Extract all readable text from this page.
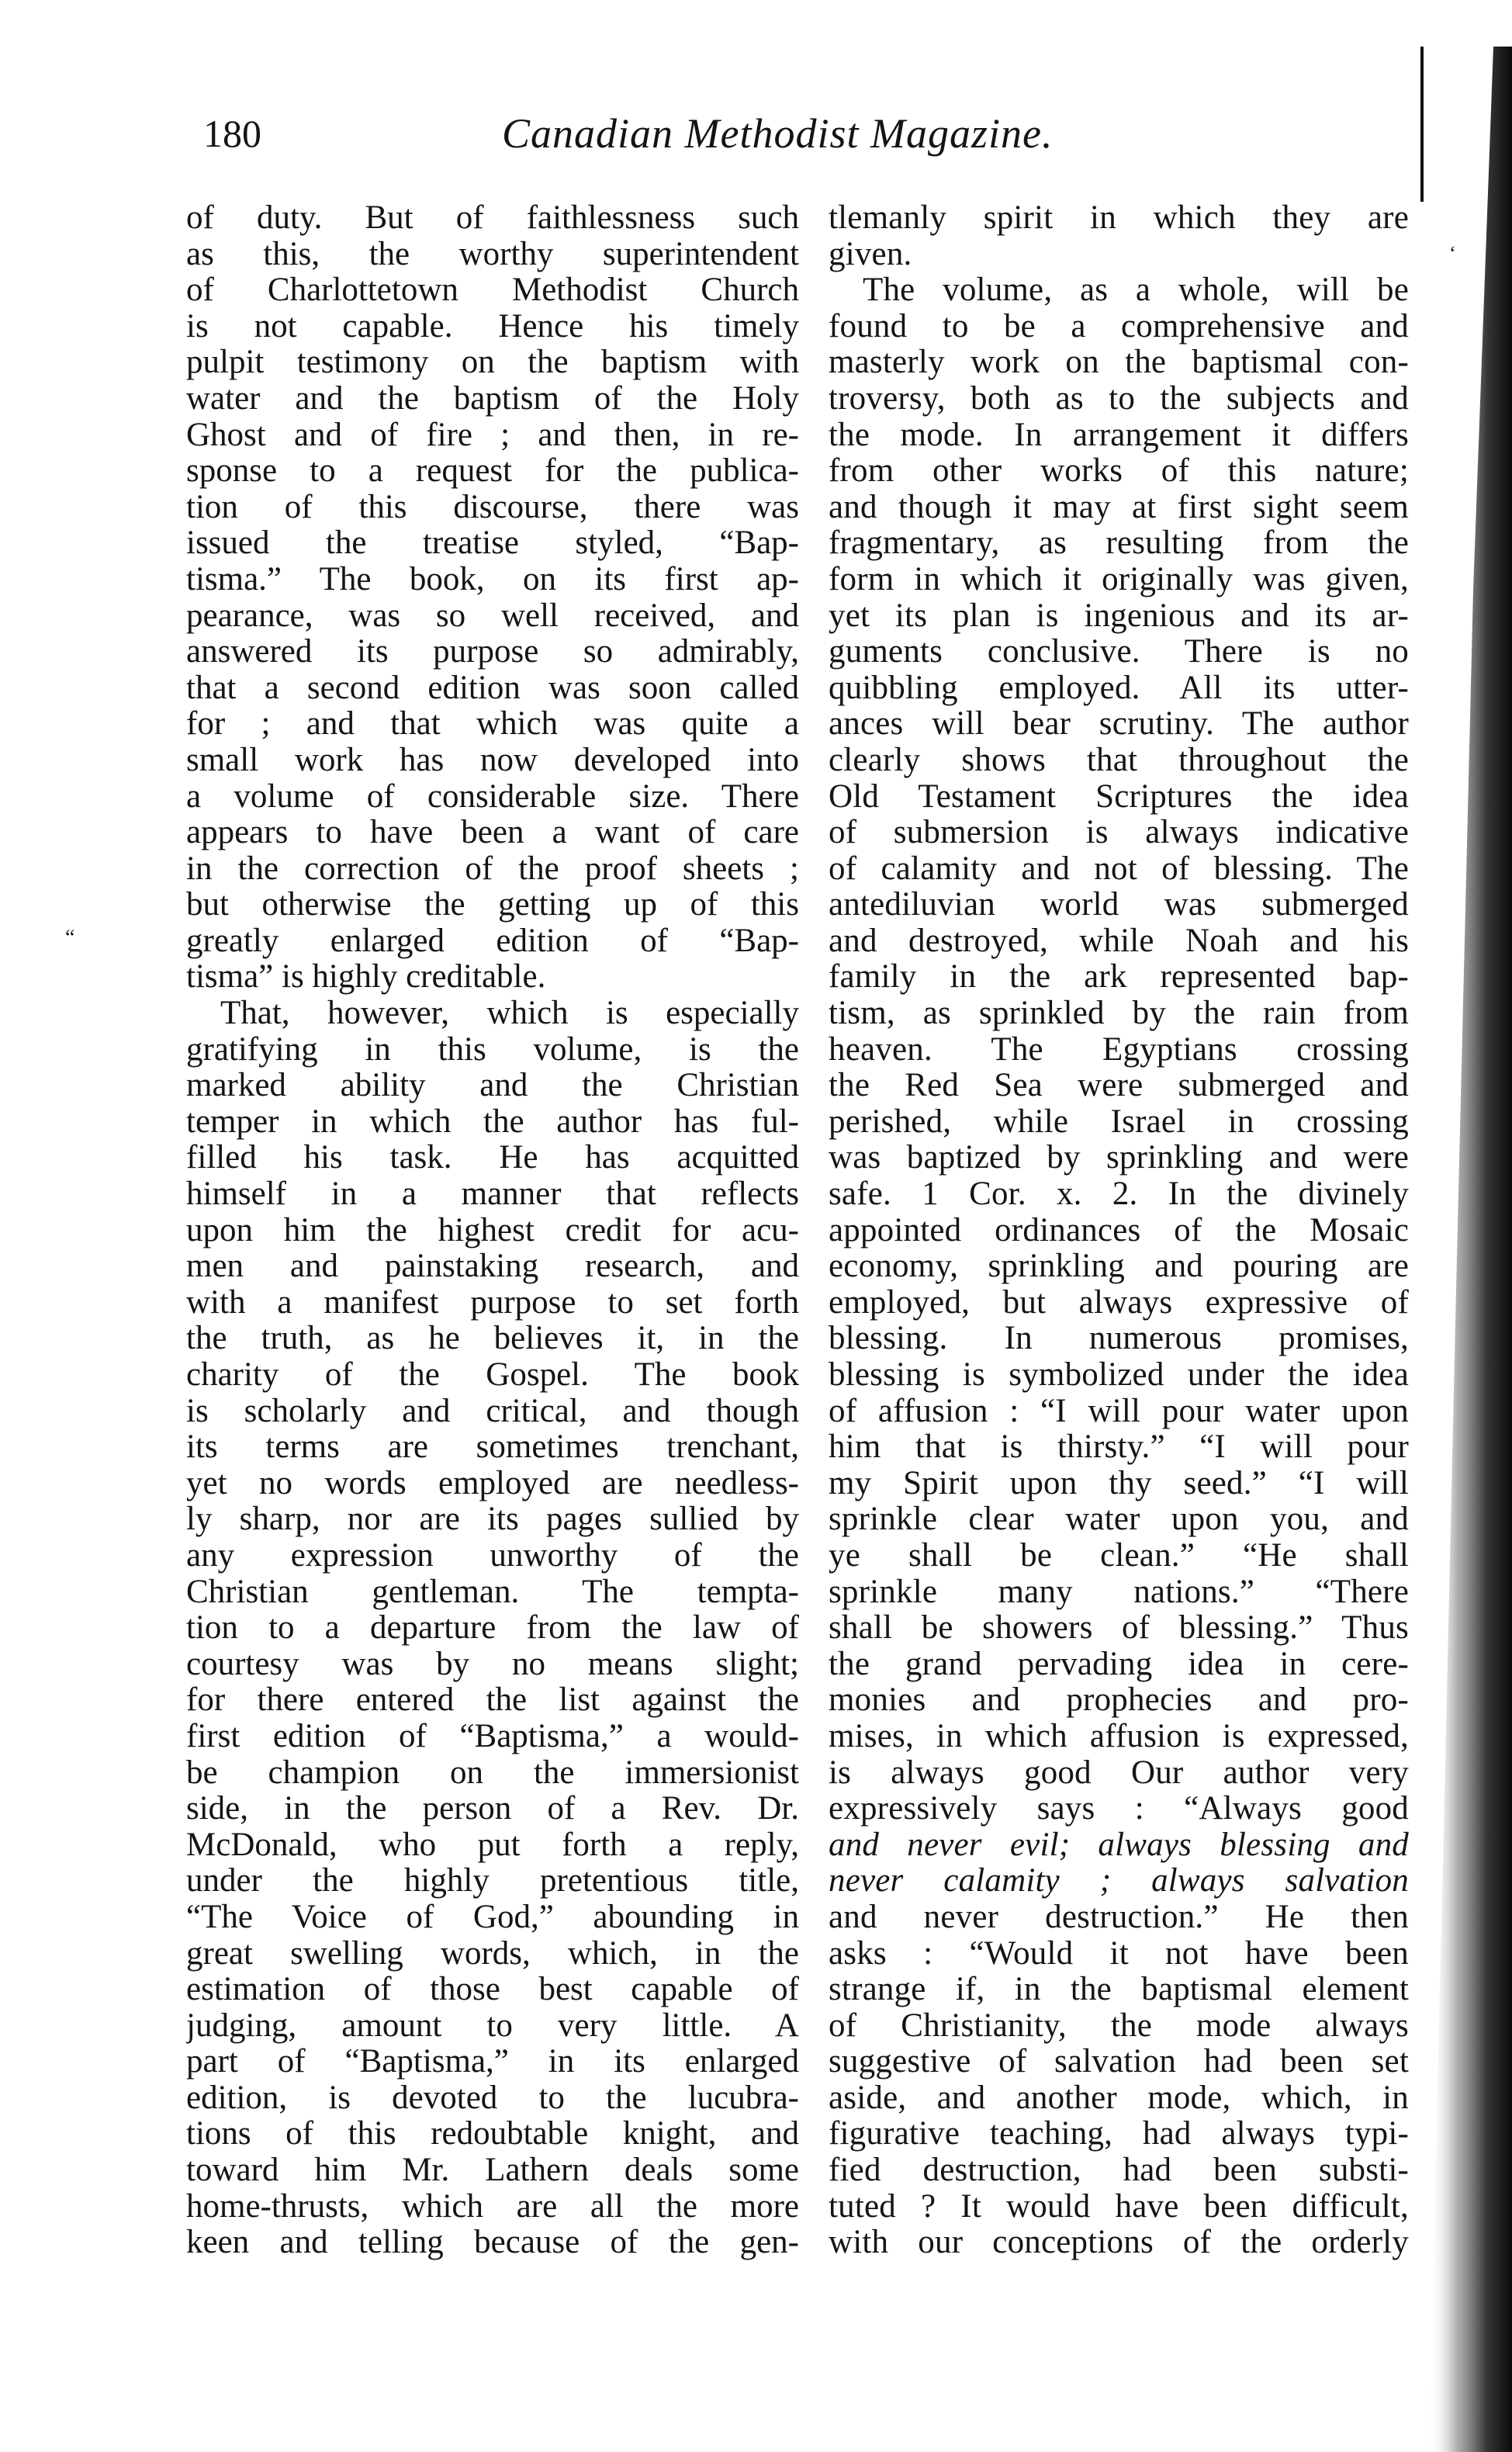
180	Canadian Methodist Magazine.
of duty. But of faithlessness such
as this, the worthy superintendent
of Charlottetown Methodist Church
is not capable. Hence his timely
pulpit testimony on the baptism with
water and the baptism of the Holy
Ghost and of fire ; and then, in re-
sponse to a request for the publica-
tion of this discourse, there was
issued the treatise styled, “Bap-
tisma.” The book, on its first ap-
pearance, was so well received, and
answered its purpose so admirably,
that a second edition was soon called
for ; and that which was quite a
small work has now developed into
a volume of considerable size. There
appears to have been a want of care
in the correction of the proof sheets ;
but otherwise the getting up of this
greatly enlarged edition of “Bap-
tisma” is highly creditable.
That, however, which is especially
gratifying in this volume, is the
marked ability and the Christian
temper in which the author has ful-
filled his task. He has acquitted
himself in a manner that reflects
upon him the highest credit for acu-
men and painstaking research, and
with a manifest purpose to set forth
the truth, as he believes it, in the
charity of the Gospel. The book
is scholarly and critical, and though
its terms are sometimes trenchant,
yet no words employed are needless-
ly sharp, nor are its pages sullied by
any expression unworthy of the
Christian gentleman. The tempta-
tion to a departure from the law of
courtesy was by no means slight;
for there entered the list against the
first edition of “Baptisma,” a would-
be champion on the immersionist
side, in the person of a Rev. Dr.
McDonald, who put forth a reply,
under the highly pretentious title,
“The Voice of God,” abounding in
great swelling words, which, in the
estimation of those best capable of
judging, amount to very little. A
part of “Baptisma,” in its enlarged
edition, is devoted to the lucubra-
tions of this redoubtable knight, and
toward him Mr. Lathern deals some
home-thrusts, which are all the more
keen and telling because of the gen-
tlemanly spirit in which they are
given.
The volume, as a whole, will be
found to be a comprehensive and
masterly work on the baptismal con-
troversy, both as to the subjects and
the mode. In arrangement it differs
from other works of this nature;
and though it may at first sight seem
fragmentary, as resulting from the
form in which it originally was given,
yet its plan is ingenious and its ar-
guments conclusive. There is no
quibbling employed. All its utter-
ances will bear scrutiny. The author
clearly shows that throughout the
Old Testament Scriptures the idea
of submersion is always indicative
of calamity and not of blessing. The
antediluvian world was submerged
and destroyed, while Noah and his
family in the ark represented bap-
tism, as sprinkled by the rain from
heaven. The Egyptians crossing
the Red Sea were submerged and
perished, while Israel in crossing
was baptized by sprinkling and were
safe. 1 Cor. x. 2. In the divinely
appointed ordinances of the Mosaic
economy, sprinkling and pouring are
employed, but always expressive of
blessing. In numerous promises,
blessing is symbolized under the idea
of affusion : “I will pour water upon
him that is thirsty.” “I will pour
my Spirit upon thy seed.” “I will
sprinkle clear water upon you, and
ye shall be clean.” “He shall
sprinkle many nations.” “There
shall be showers of blessing.” Thus
the grand pervading idea in cere-
monies and prophecies and pro-
mises, in which affusion is expressed,
is always good Our author very
expressively says : “Always good
and never evil; always blessing and
never calamity ; always salvation
and never destruction.” He then
asks : “Would it not have been
strange if, in the baptismal element
of Christianity, the mode always
suggestive of salvation had been set
aside, and another mode, which, in
figurative teaching, had always typi-
fied destruction, had been substi-
tuted ? It would have been difficult,
with our conceptions of the orderly
“
‘
